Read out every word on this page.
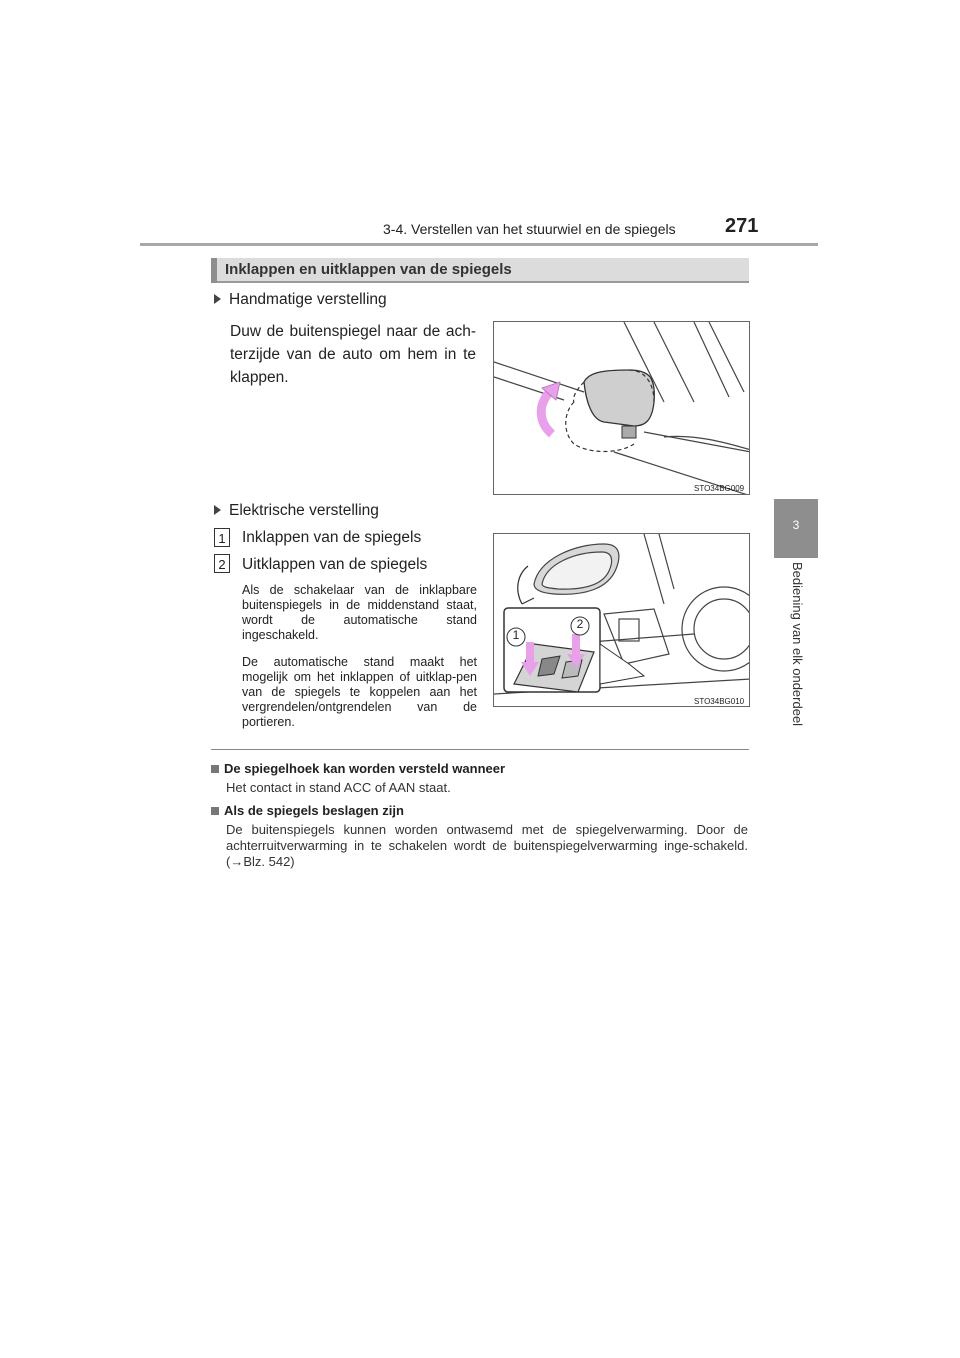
3-4. Verstellen van het stuurwiel en de spiegels 271
3
Bediening van elk onderdeel
Inklappen en uitklappen van de spiegels
Handmatige verstelling
Duw de buitenspiegel naar de ach-terzijde van de auto om hem in te klappen.
STO34BG009
Elektrische verstelling
1 Inklappen van de spiegels
2 Uitklappen van de spiegels
Als de schakelaar van de inklapbare buitenspiegels in de middenstand staat, wordt de automatische stand ingeschakeld.
De automatische stand maakt het mogelijk om het inklappen of uitklap-pen van de spiegels te koppelen aan het vergrendelen/ontgrendelen van de portieren.
1
2
STO34BG010
De spiegelhoek kan worden versteld wanneer
Het contact in stand ACC of AAN staat.
Als de spiegels beslagen zijn
De buitenspiegels kunnen worden ontwasemd met de spiegelverwarming. Door de achterruitverwarming in te schakelen wordt de buitenspiegelverwarming inge-schakeld. (→Blz. 542)
